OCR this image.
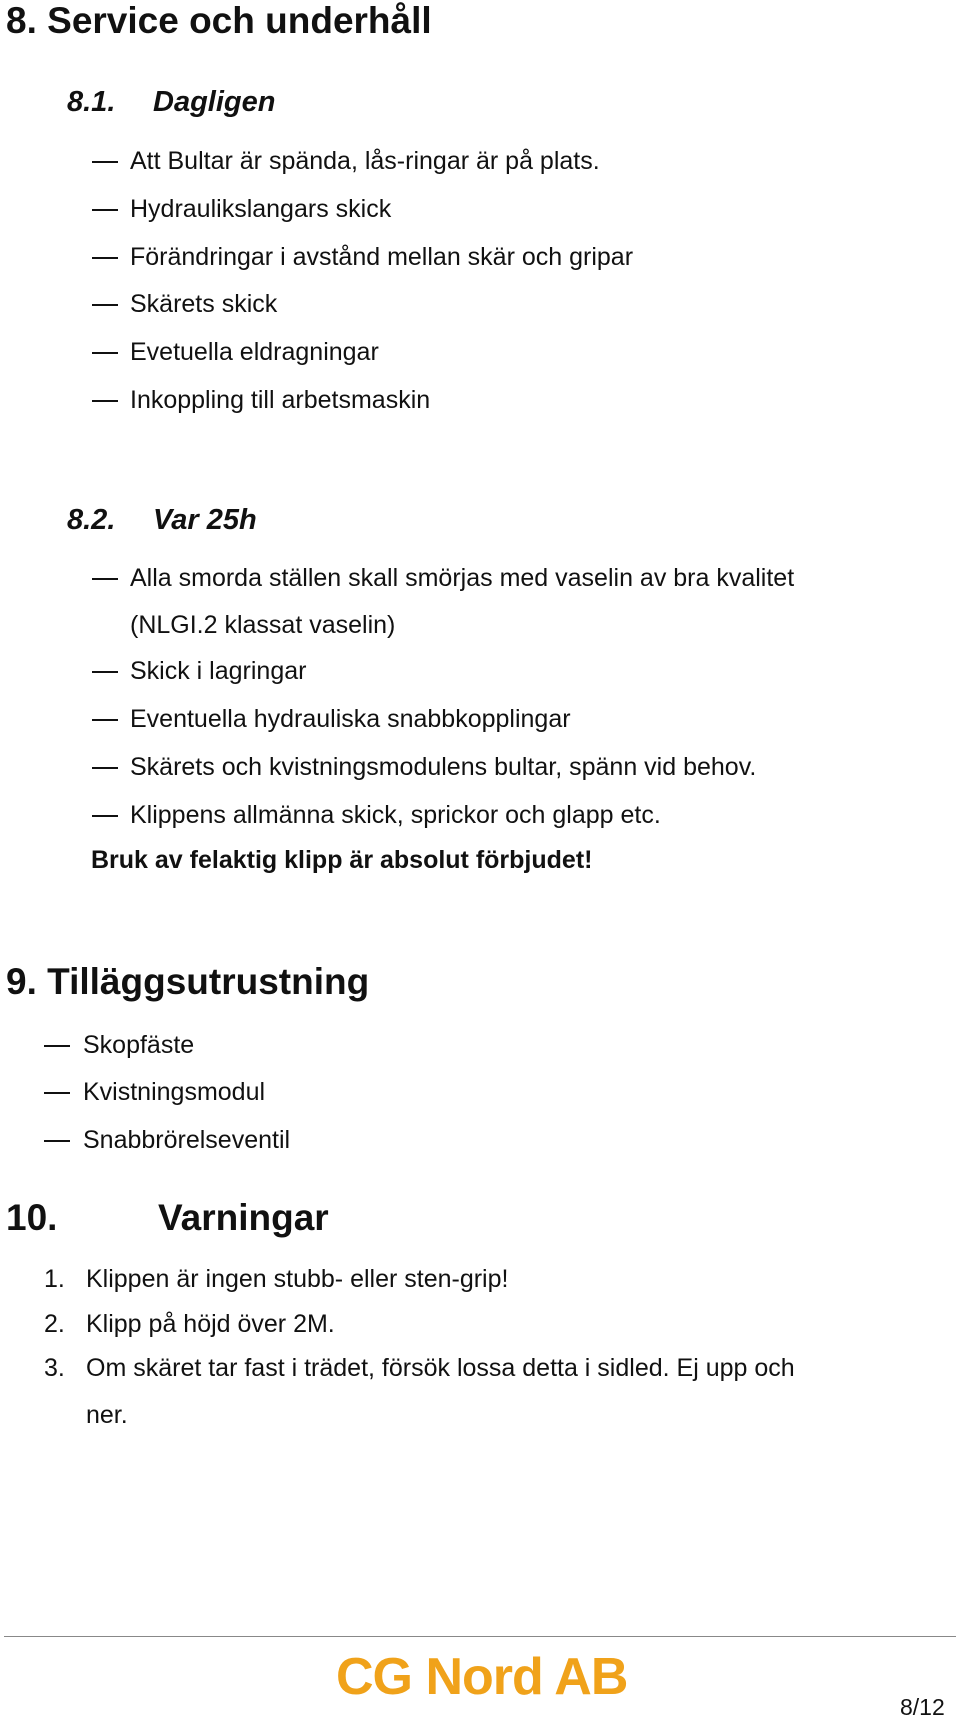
8. Service och underhåll
8.1. Dagligen
Att Bultar är spända, lås-ringar är på plats.
Hydraulikslangars skick
Förändringar i avstånd mellan skär och gripar
Skärets skick
Evetuella eldragningar
Inkoppling till arbetsmaskin
8.2. Var 25h
Alla smorda ställen skall smörjas med vaselin av bra kvalitet
(NLGI.2 klassat vaselin)
Skick i lagringar
Eventuella hydrauliska snabbkopplingar
Skärets och kvistningsmodulens bultar, spänn vid behov.
Klippens allmänna skick, sprickor och glapp etc.
Bruk av felaktig klipp är absolut förbjudet!
9. Tilläggsutrustning
Skopfäste
Kvistningsmodul
Snabbrörelseventil
10.	Varningar
1. Klippen är ingen stubb- eller sten-grip!
2. Klipp på höjd över 2M.
3. Om skäret tar fast i trädet, försök lossa detta i sidled. Ej upp och
ner.
CG Nord AB
8/12
